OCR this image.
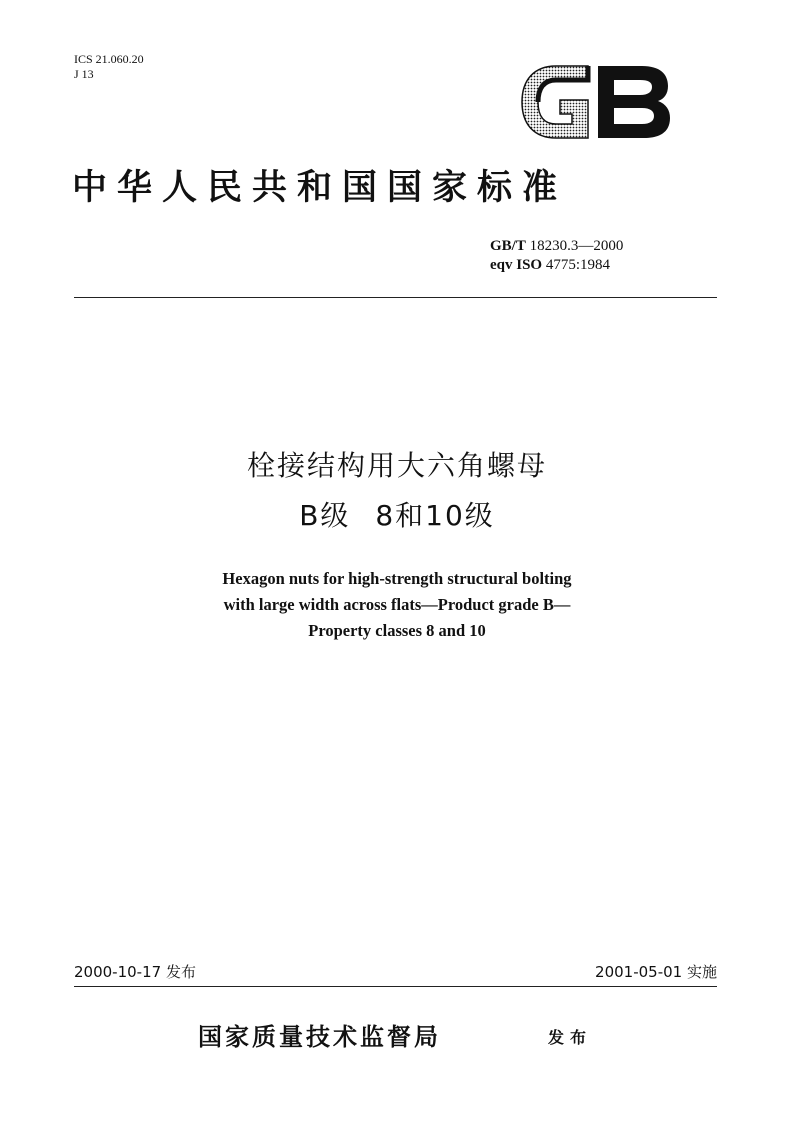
ICS 21.060.20
J 13
中华人民共和国国家标准
GB/T 18230.3—2000
eqv ISO 4775:1984
栓接结构用大六角螺母
B级 8和10级
Hexagon nuts for high-strength structural bolting
with large width across flats—Product grade B—
Property classes 8 and 10
2000-10-17 发布	2001-05-01 实施
国家质量技术监督局	发布
